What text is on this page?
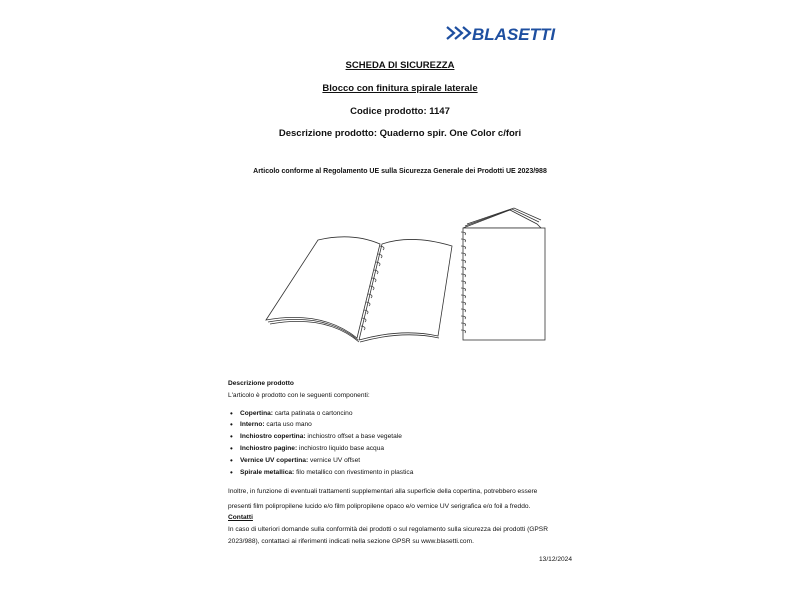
BLASETTI
SCHEDA DI SICUREZZA
Blocco con finitura spirale laterale
Codice prodotto: 1147
Descrizione prodotto: Quaderno spir. One Color c/fori
Articolo conforme al Regolamento UE sulla Sicurezza Generale dei Prodotti UE 2023/988
Descrizione prodotto
L'articolo è prodotto con le seguenti componenti:
• Copertina: carta patinata o cartoncino
• Interno: carta uso mano
• Inchiostro copertina: inchiostro offset a base vegetale
• Inchiostro pagine: inchiostro liquido base acqua
• Vernice UV copertina: vernice UV offset
• Spirale metallica: filo metallico con rivestimento in plastica
Inoltre, in funzione di eventuali trattamenti supplementari alla superficie della copertina, potrebbero essere
presenti film polipropilene lucido e/o film polipropilene opaco e/o vernice UV serigrafica e/o foil a freddo.
Contatti
In caso di ulteriori domande sulla conformità dei prodotti o sul regolamento sulla sicurezza dei prodotti (GPSR
2023/988), contattaci ai riferimenti indicati nella sezione GPSR su www.blasetti.com.
13/12/2024
